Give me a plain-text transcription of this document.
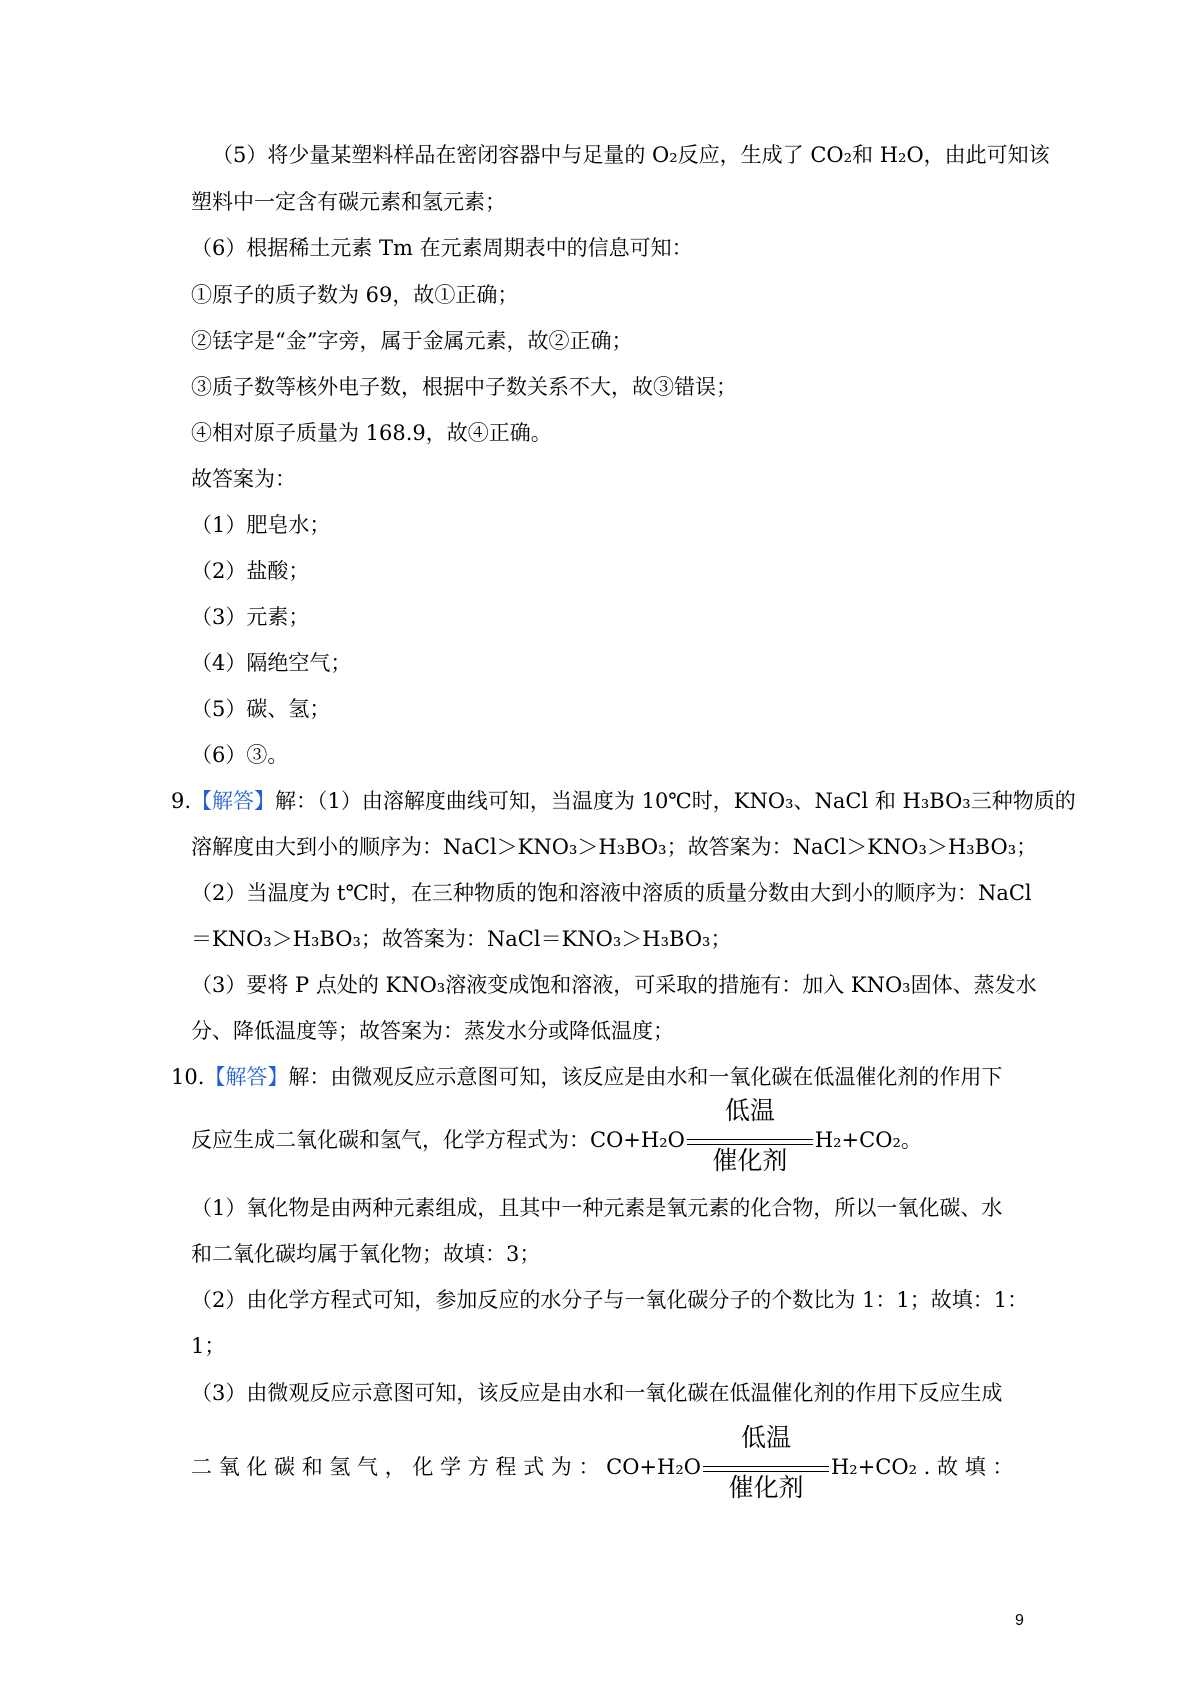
（5）将少量某塑料样品在密闭容器中与足量的 O₂反应，生成了 CO₂和 H₂O，由此可知该
塑料中一定含有碳元素和氢元素；
（6）根据稀土元素 Tm 在元素周期表中的信息可知：
①原子的质子数为 69，故①正确；
②铥字是“金”字旁，属于金属元素，故②正确；
③质子数等核外电子数，根据中子数关系不大，故③错误；
④相对原子质量为 168.9，故④正确。
故答案为：
（1）肥皂水；
（2）盐酸；
（3）元素；
（4）隔绝空气；
（5）碳、氢；
（6）③。
9.【解答】解：（1）由溶解度曲线可知，当温度为 10℃时，KNO₃、NaCl 和 H₃BO₃三种物质的
溶解度由大到小的顺序为：NaCl＞KNO₃＞H₃BO₃；故答案为：NaCl＞KNO₃＞H₃BO₃；
（2）当温度为 t℃时，在三种物质的饱和溶液中溶质的质量分数由大到小的顺序为：NaCl
＝KNO₃＞H₃BO₃；故答案为：NaCl＝KNO₃＞H₃BO₃；
（3）要将 P 点处的 KNO₃溶液变成饱和溶液，可采取的措施有：加入 KNO₃固体、蒸发水
分、降低温度等；故答案为：蒸发水分或降低温度；
10.【解答】解：由微观反应示意图可知，该反应是由水和一氧化碳在低温催化剂的作用下
反应生成二氧化碳和氢气，化学方程式为：CO+H₂O
低温
催化剂
H₂+CO₂。
（1）氧化物是由两种元素组成，且其中一种元素是氧元素的化合物，所以一氧化碳、水
和二氧化碳均属于氧化物；故填：3；
（2）由化学方程式可知，参加反应的水分子与一氧化碳分子的个数比为 1：1；故填：1：
1；
（3）由微观反应示意图可知，该反应是由水和一氧化碳在低温催化剂的作用下反应生成
二 氧 化 碳 和 氢 气 ， 化 学 方 程 式 为 ： CO+H₂O
低温
催化剂
H₂+CO₂ . 故 填 ：
9
